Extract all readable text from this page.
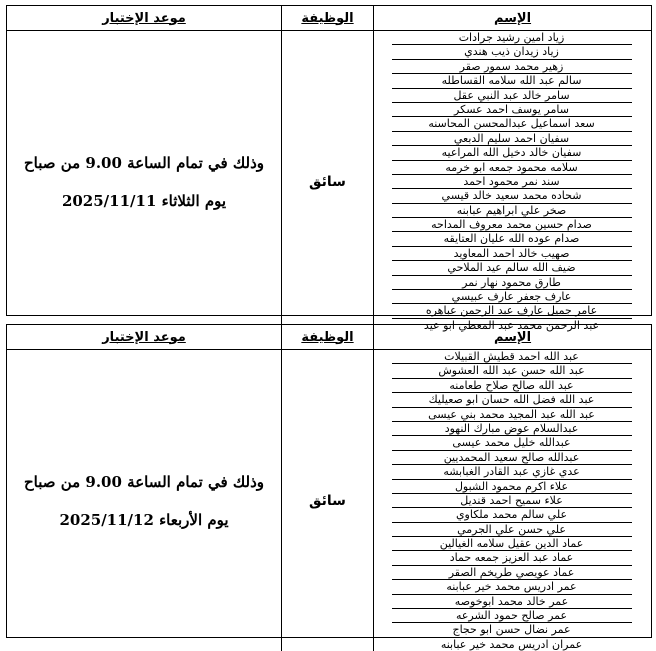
الإسم
الوظيفة
موعد الإختبار
زياد امين رشيد جرادات
زياد زيدان ذيب هندي
زهير محمد سمور صقر
سالم عبد الله سلامه القساطله
سامر خالد عبد النبي عقل
سامر يوسف احمد عسكر
سعد اسماعيل عبدالمحسن المحاسنه
سفيان احمد سليم الدبعي
سفيان خالد دخيل الله المراعيه
سلامه محمود جمعه ابو خرمه
سند نمر محمود احمد
شحاده محمد سعيد خالد قيسي
صخر علي ابراهيم عبابنه
صدام حسين محمد معروف المداحه
صدام عوده الله عليان العتايقه
صهيب خالد احمد المعاويد
ضيف الله سالم عيد الملاحي
طارق محمود نهار نمر
عارف جعفر عارف عبيسي
عامر جميل عارف عبد الرحمن عباهره
عبد الرحمن محمد عبد المعطي ابو عيد
سائق
وذلك في تمام الساعة 9.00 من صباح
يوم الثلاثاء 2025/11/11
الإسم
الوظيفة
موعد الإختبار
عبد الله احمد قطيش القبيلات
عبد الله حسن عبد الله العشوش
عبد الله صالح صلاح طعامنه
عبد الله فضل الله حسان ابو صعيليك
عبد الله عبد المجيد محمد بني عيسى
عبدالسلام عوض مبارك النهود
عبدالله خليل محمد عيسى
عبدالله صالح سعيد المحمديين
عدي غازي عبد القادر الغبابشه
علاء اكرم محمود الشبول
علاء سميح احمد قنديل
علي سالم محمد ملكاوي
علي حسن علي الجرمي
عماد الدين عقيل سلامه الغيالين
عماد عبد العزيز جمعه حماد
عماد عويصي طريخم الصقر
عمر ادريس محمد خير عبابنه
عمر خالد محمد ابوخوصه
عمر صالح حمود الشرعه
عمر نضال حسن ابو حجاج
عمران ادريس محمد خير عبابنه
سائق
وذلك في تمام الساعة 9.00 من صباح
يوم الأربعاء 2025/11/12
